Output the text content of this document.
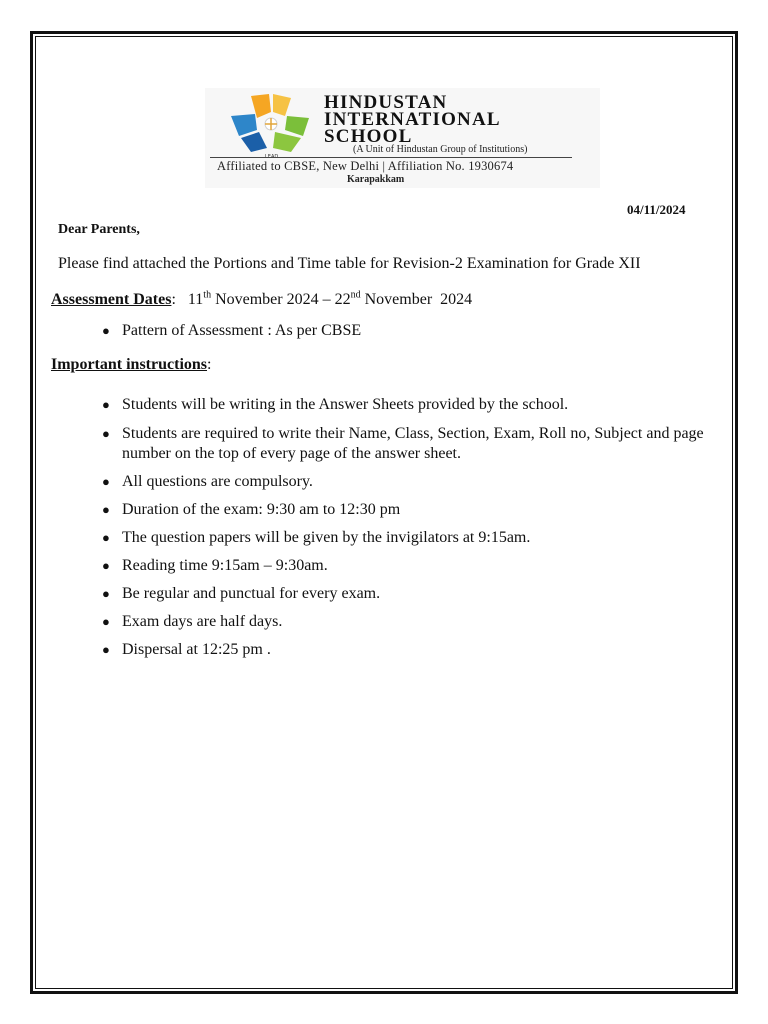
LEAD
HINDUSTAN
INTERNATIONAL
SCHOOL
(A Unit of Hindustan Group of Institutions)
Affiliated to CBSE, New Delhi | Affiliation No. 1930674
Karapakkam
04/11/2024
Dear Parents,
Please find attached the Portions and Time table for Revision-2 Examination for Grade XII
Assessment Dates: 11th November 2024 – 22nd November  2024
● Pattern of Assessment : As per CBSE
Important instructions:
● Students will be writing in the Answer Sheets provided by the school.
● Students are required to write their Name, Class, Section, Exam, Roll no, Subject and page number on the top of every page of the answer sheet.
● All questions are compulsory.
● Duration of the exam: 9:30 am to 12:30 pm
● The question papers will be given by the invigilators at 9:15am.
● Reading time 9:15am – 9:30am.
● Be regular and punctual for every exam.
● Exam days are half days.
● Dispersal at 12:25 pm .
